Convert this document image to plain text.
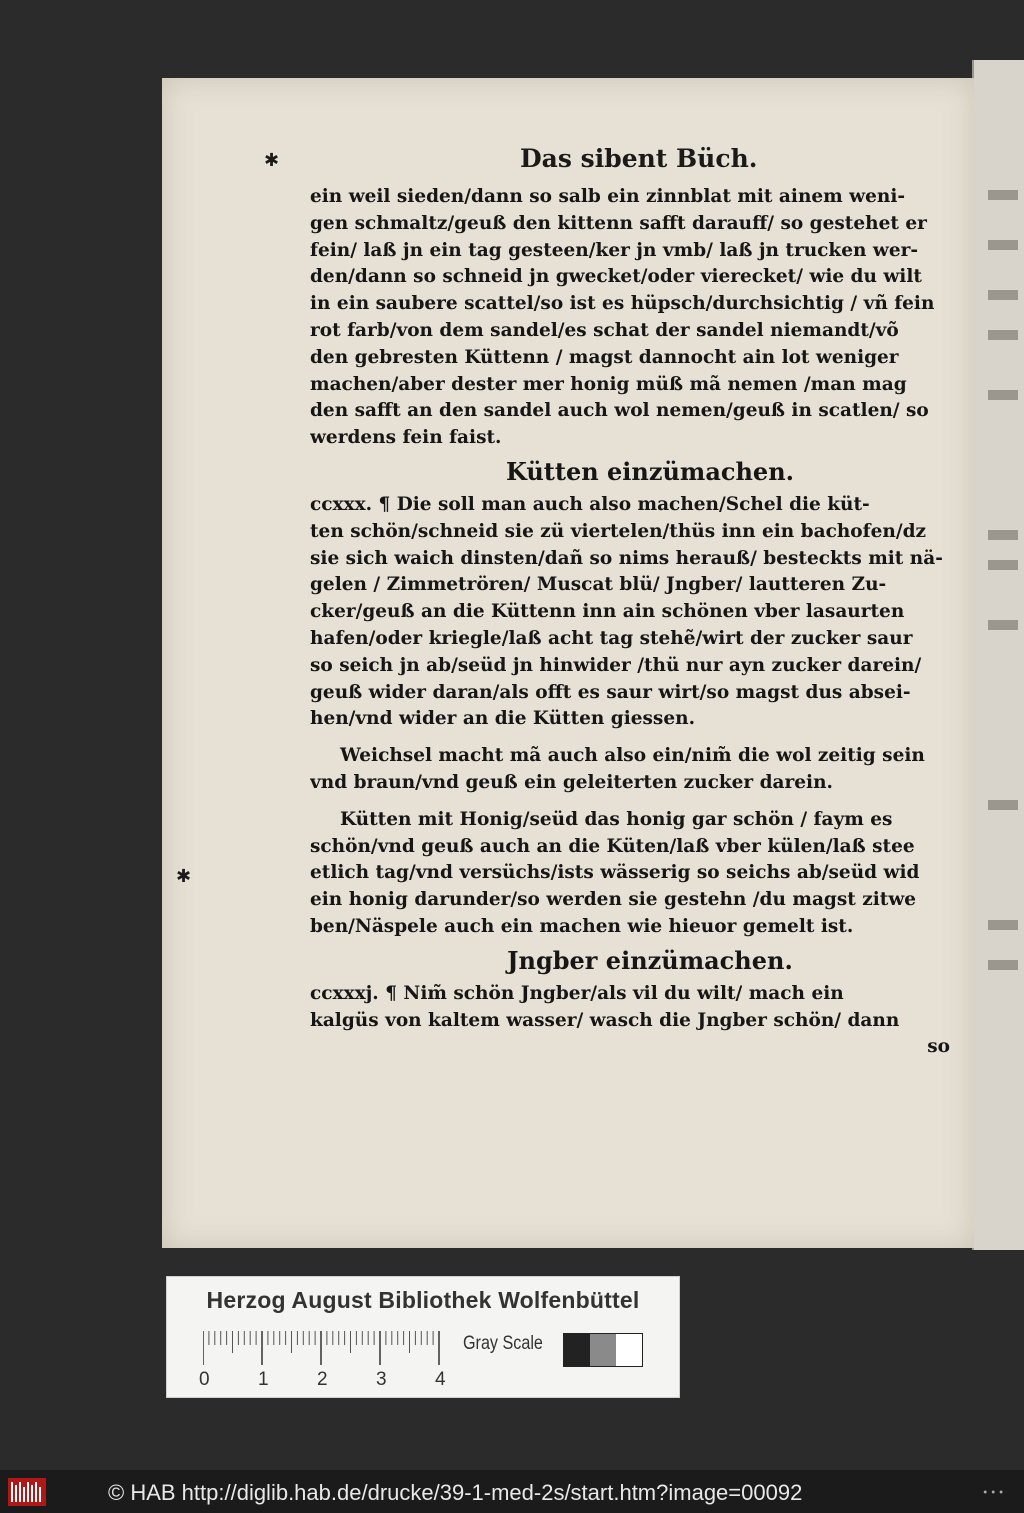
✱
✱
Das sibent Büch.
ein weil sieden/dann so salb ein zinnblat mit ainem weni-
gen schmaltz/geuß den kittenn safft darauff/ so gestehet er
fein/ laß jn ein tag gesteen/ker jn vmb/ laß jn trucken wer-
den/dann so schneid jn gwecket/oder vierecket/ wie du wilt
in ein saubere scattel/so ist es hüpsch/durchsichtig / vñ fein
rot farb/von dem sandel/es schat der sandel niemandt/võ
den gebresten Küttenn / magst dannocht ain lot weniger
machen/aber dester mer honig müß mã nemen /man mag
den safft an den sandel auch wol nemen/geuß in scatlen/ so
werdens fein faist.
Kütten einzümachen.
ccxxx. ¶ Die soll man auch also machen/Schel die küt-
ten schön/schneid sie zü viertelen/thüs inn ein bachofen/dz
sie sich waich dinsten/dañ so nims herauß/ besteckts mit nä-
gelen / Zimmetrören/ Muscat blü/ Jngber/ lautteren Zu-
cker/geuß an die Küttenn inn ain schönen vber lasaurten
hafen/oder kriegle/laß acht tag stehẽ/wirt der zucker saur
so seich jn ab/seüd jn hinwider /thü nur ayn zucker darein/
geuß wider daran/als offt es saur wirt/so magst dus absei-
hen/vnd wider an die Kütten giessen.
Weichsel macht mã auch also ein/nim̃ die wol zeitig sein
vnd braun/vnd geuß ein geleiterten zucker darein.
Kütten mit Honig/seüd das honig gar schön / faym es
schön/vnd geuß auch an die Küten/laß vber külen/laß stee
etlich tag/vnd versüchs/ists wässerig so seichs ab/seüd wid
ein honig darunder/so werden sie gestehn /du magst zitwe
ben/Näspele auch ein machen wie hieuor gemelt ist.
Jngber einzümachen.
ccxxxj. ¶ Nim̃ schön Jngber/als vil du wilt/ mach ein
kalgüs von kaltem wasser/ wasch die Jngber schön/ dann
so
Herzog August Bibliothek Wolfenbüttel
0	1	2	3	4
Gray Scale
© HAB http://diglib.hab.de/drucke/39-1-med-2s/start.htm?image=00092	•••
